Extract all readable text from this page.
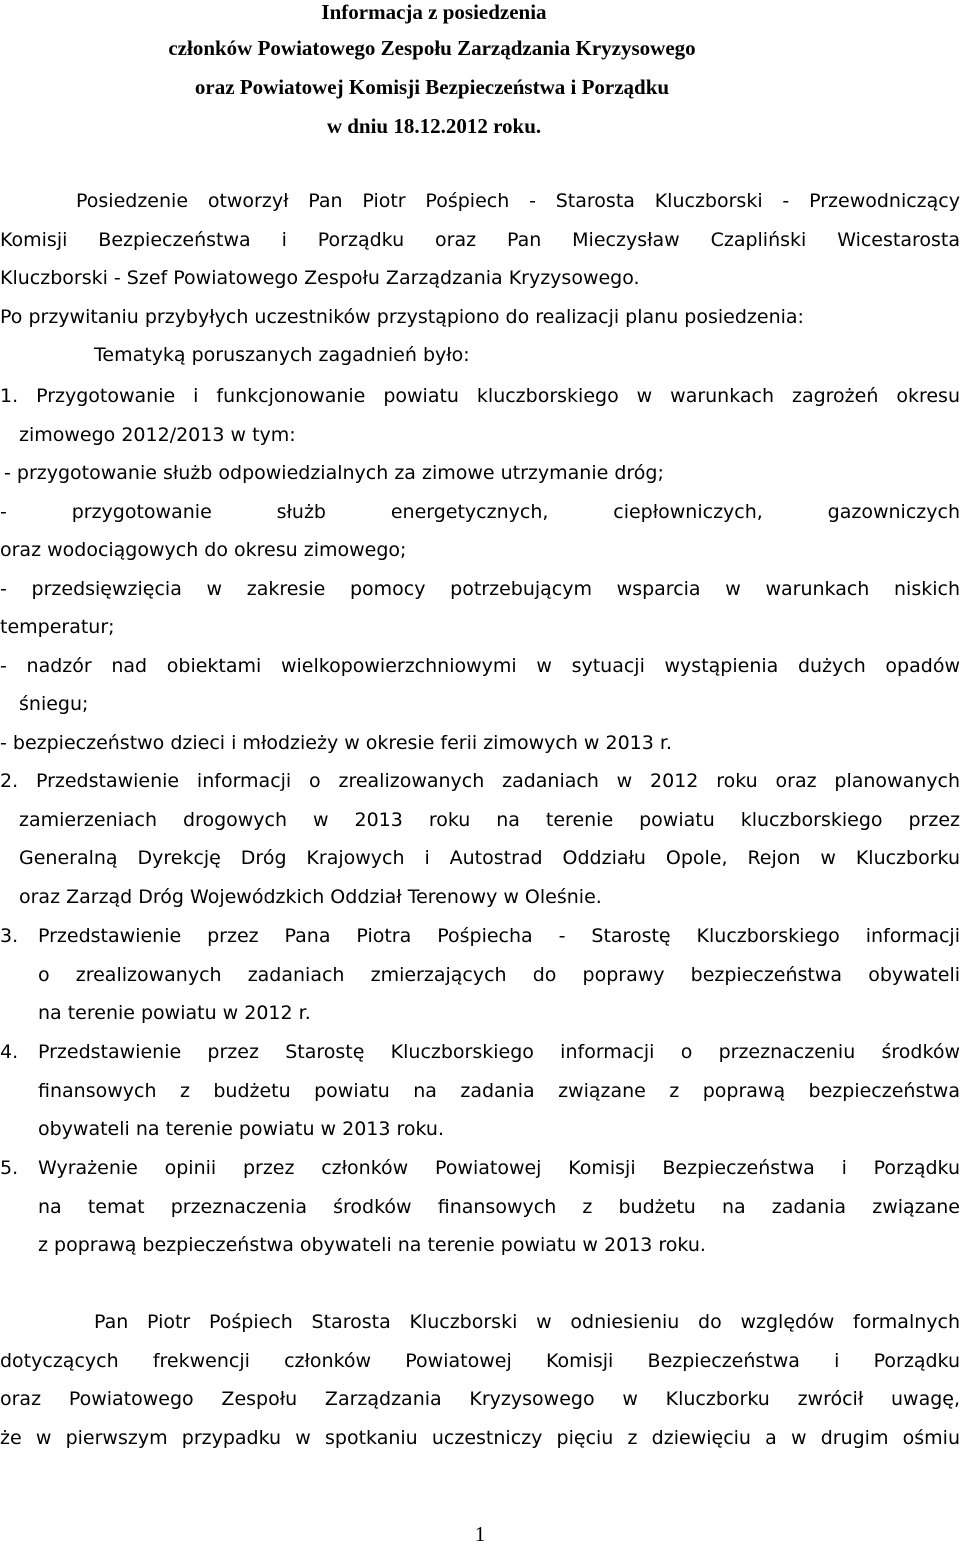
Informacja z posiedzenia
członków Powiatowego Zespołu Zarządzania Kryzysowego
oraz Powiatowej Komisji Bezpieczeństwa i Porządku
w dniu 18.12.2012 roku.
Posiedzenie otworzył Pan Piotr Pośpiech - Starosta Kluczborski - Przewodniczący
Komisji Bezpieczeństwa i Porządku oraz Pan Mieczysław Czapliński Wicestarosta
Kluczborski - Szef Powiatowego Zespołu Zarządzania Kryzysowego.
Po przywitaniu przybyłych uczestników przystąpiono do realizacji planu posiedzenia:
Tematyką poruszanych zagadnień było:
1. Przygotowanie i funkcjonowanie powiatu kluczborskiego w warunkach zagrożeń okresu
zimowego 2012/2013 w tym:
- przygotowanie służb odpowiedzialnych za zimowe utrzymanie dróg;
- przygotowanie służb energetycznych, ciepłowniczych, gazowniczych
oraz wodociągowych do okresu zimowego;
- przedsięwzięcia w zakresie pomocy potrzebującym wsparcia w warunkach niskich
temperatur;
- nadzór nad obiektami wielkopowierzchniowymi w sytuacji wystąpienia dużych opadów
śniegu;
- bezpieczeństwo dzieci i młodzieży w okresie ferii zimowych w 2013 r.
2. Przedstawienie informacji o zrealizowanych zadaniach w 2012 roku oraz planowanych
zamierzeniach drogowych w 2013 roku na terenie powiatu kluczborskiego przez
Generalną Dyrekcję Dróg Krajowych i Autostrad Oddziału Opole, Rejon w Kluczborku
oraz Zarząd Dróg Wojewódzkich Oddział Terenowy w Oleśnie.
3.	Przedstawienie przez Pana Piotra Pośpiecha - Starostę Kluczborskiego informacji
o zrealizowanych zadaniach zmierzających do poprawy bezpieczeństwa obywateli
na terenie powiatu w 2012 r.
4.	Przedstawienie przez Starostę Kluczborskiego informacji o przeznaczeniu środków
finansowych z budżetu powiatu na zadania związane z poprawą bezpieczeństwa
obywateli na terenie powiatu w 2013 roku.
5.	Wyrażenie opinii przez członków Powiatowej Komisji Bezpieczeństwa i Porządku
na temat przeznaczenia środków finansowych z budżetu na zadania związane
z poprawą bezpieczeństwa obywateli na terenie powiatu w 2013 roku.
Pan Piotr Pośpiech Starosta Kluczborski w odniesieniu do względów formalnych
dotyczących frekwencji członków Powiatowej Komisji Bezpieczeństwa i Porządku
oraz Powiatowego Zespołu Zarządzania Kryzysowego w Kluczborku zwrócił uwagę,
że w pierwszym przypadku w spotkaniu uczestniczy pięciu z dziewięciu a w drugim ośmiu
1
